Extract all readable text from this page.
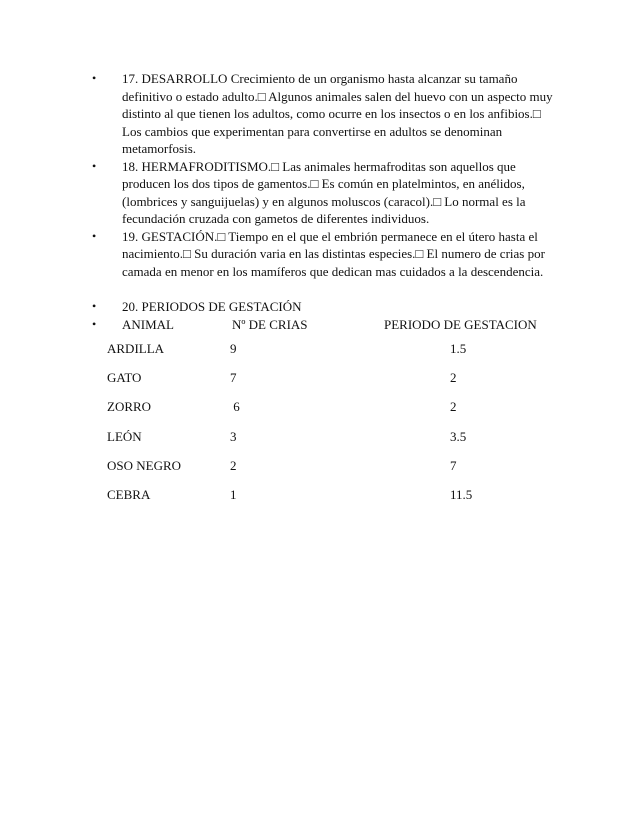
• 17. DESARROLLO Crecimiento de un organismo hasta alcanzar su tamaño
definitivo o estado adulto.□ Algunos animales salen del huevo con un aspecto muy
distinto al que tienen los adultos, como ocurre en los insectos o en los anfibios.□
Los cambios que experimentan para convertirse en adultos se denominan
metamorfosis.
• 18. HERMAFRODITISMO.□ Las animales hermafroditas son aquellos que
producen los dos tipos de gamentos.□ Es común en platelmintos, en anélidos,
(lombrices y sanguijuelas) y en algunos moluscos (caracol).□ Lo normal es la
fecundación cruzada con gametos de diferentes individuos.
• 19. GESTACIÓN.□ Tiempo en el que el embrión permanece en el útero hasta el
nacimiento.□ Su duración varia en las distintas especies.□ El numero de crias por
camada en menor en los mamíferos que dedican mas cuidados a la descendencia.
• 20. PERIODOS DE GESTACIÓN
• ANIMAL	Nº DE CRIAS	PERIODO DE GESTACION
ARDILLA	9	1.5
GATO	7	2
ZORRO	6	2
LEÓN	3	3.5
OSO NEGRO	2	7
CEBRA	1	11.5
